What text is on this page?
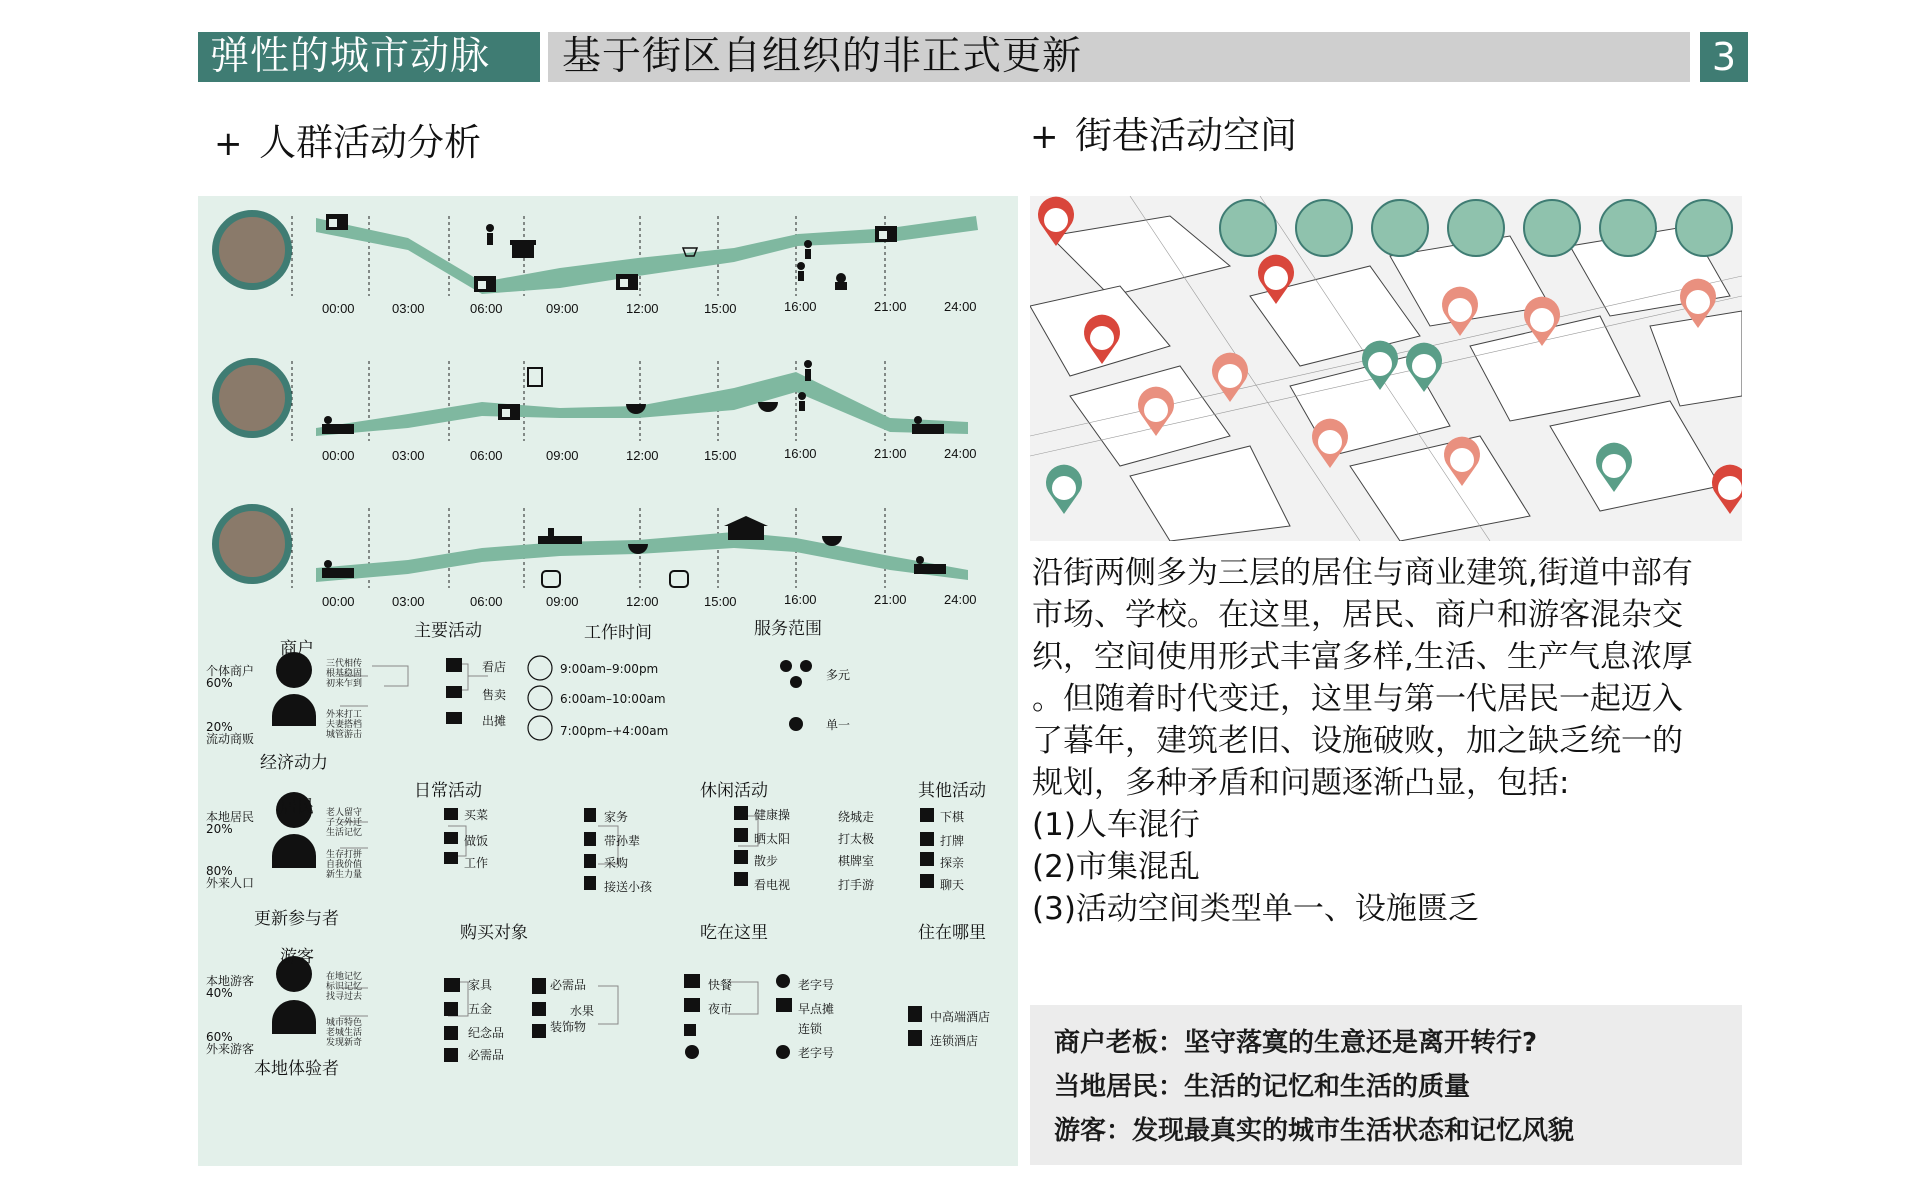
弹性的城市动脉	基于街区自组织的非正式更新	3
+ 人群活动分析	+ 街巷活动空间
00:00	03:00	06:00	09:00	12:00	15:00	16:00	21:00	24:00
00:00	03:00	06:00	09:00	12:00	15:00	16:00	21:00	24:00
00:00	03:00	06:00	09:00	12:00	15:00	16:00	21:00	24:00
主要活动	工作时间	服务范围
商户
个体商户
60%
20%
流动商贩
三代相传
根基稳固
初来乍到
外来打工
夫妻搭档
城管游击
经济动力
看店
售卖
出摊
9:00am–9:00pm
6:00am–10:00am
7:00pm–+4:00am
多元
单一
日常活动	休闲活动	其他活动
居民
本地居民
20%
80%
外来人口
老人留守
子女外迁
生活记忆
生存打拼
自我价值
新生力量
更新参与者
买菜	家务
做饭	带孙辈
工作	采购
接送小孩
健康操	绕城走
晒太阳	打太极
散步	棋牌室
看电视	打手游
下棋
打牌
探亲
聊天
购买对象	吃在这里	住在哪里
游客
本地游客
40%
60%
外来游客
在地记忆
标识记忆
找寻过去
城市特色
老城生活
发现新奇
本地体验者
家具	必需品
五金	水果
纪念品	装饰物
必需品
快餐	老字号
夜市	早点摊
连锁
老字号
中高端酒店
连锁酒店

沿街两侧多为三层的居住与商业建筑,街道中部有

市场、学校。在这里，居民、商户和游客混杂交

织，空间使用形式丰富多样,生活、生产气息浓厚

。但随着时代变迁，这里与第一代居民一起迈入

了暮年，建筑老旧、设施破败，加之缺乏统一的

规划，多种矛盾和问题逐渐凸显，包括:

(1)人车混行

(2)市集混乱

(3)活动空间类型单一、设施匮乏

商户老板：坚守落寞的生意还是离开转行?

当地居民：生活的记忆和生活的质量

游客：发现最真实的城市生活状态和记忆风貌
